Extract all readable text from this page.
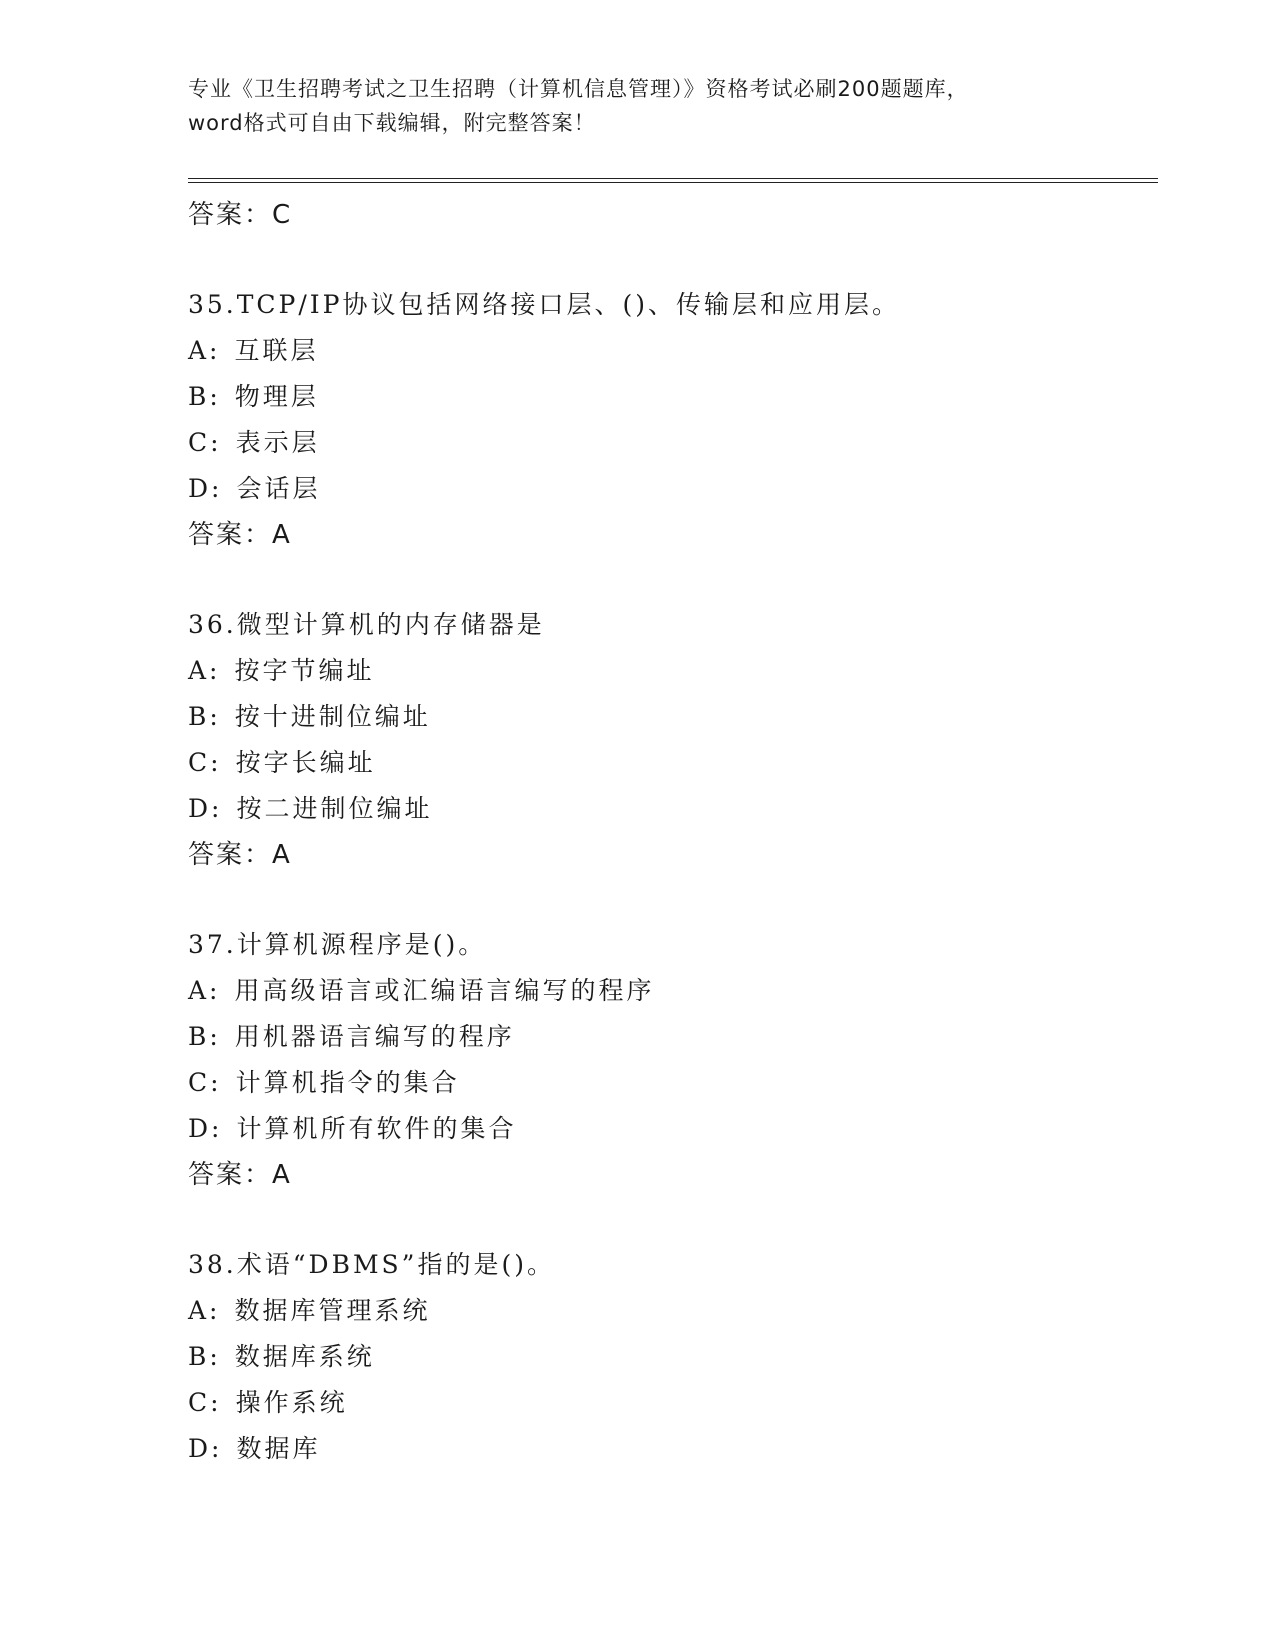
专业《卫生招聘考试之卫生招聘（计算机信息管理）》资格考试必刷200题题库，
word格式可自由下载编辑，附完整答案！
答案：C
35.TCP/IP协议包括网络接口层、()、传输层和应用层。
A: 互联层
B: 物理层
C: 表示层
D: 会话层
答案：A
36.微型计算机的内存储器是
A: 按字节编址
B: 按十进制位编址
C: 按字长编址
D: 按二进制位编址
答案：A
37.计算机源程序是()。
A: 用高级语言或汇编语言编写的程序
B: 用机器语言编写的程序
C: 计算机指令的集合
D: 计算机所有软件的集合
答案：A
38.术语“DBMS”指的是()。
A: 数据库管理系统
B: 数据库系统
C: 操作系统
D: 数据库
